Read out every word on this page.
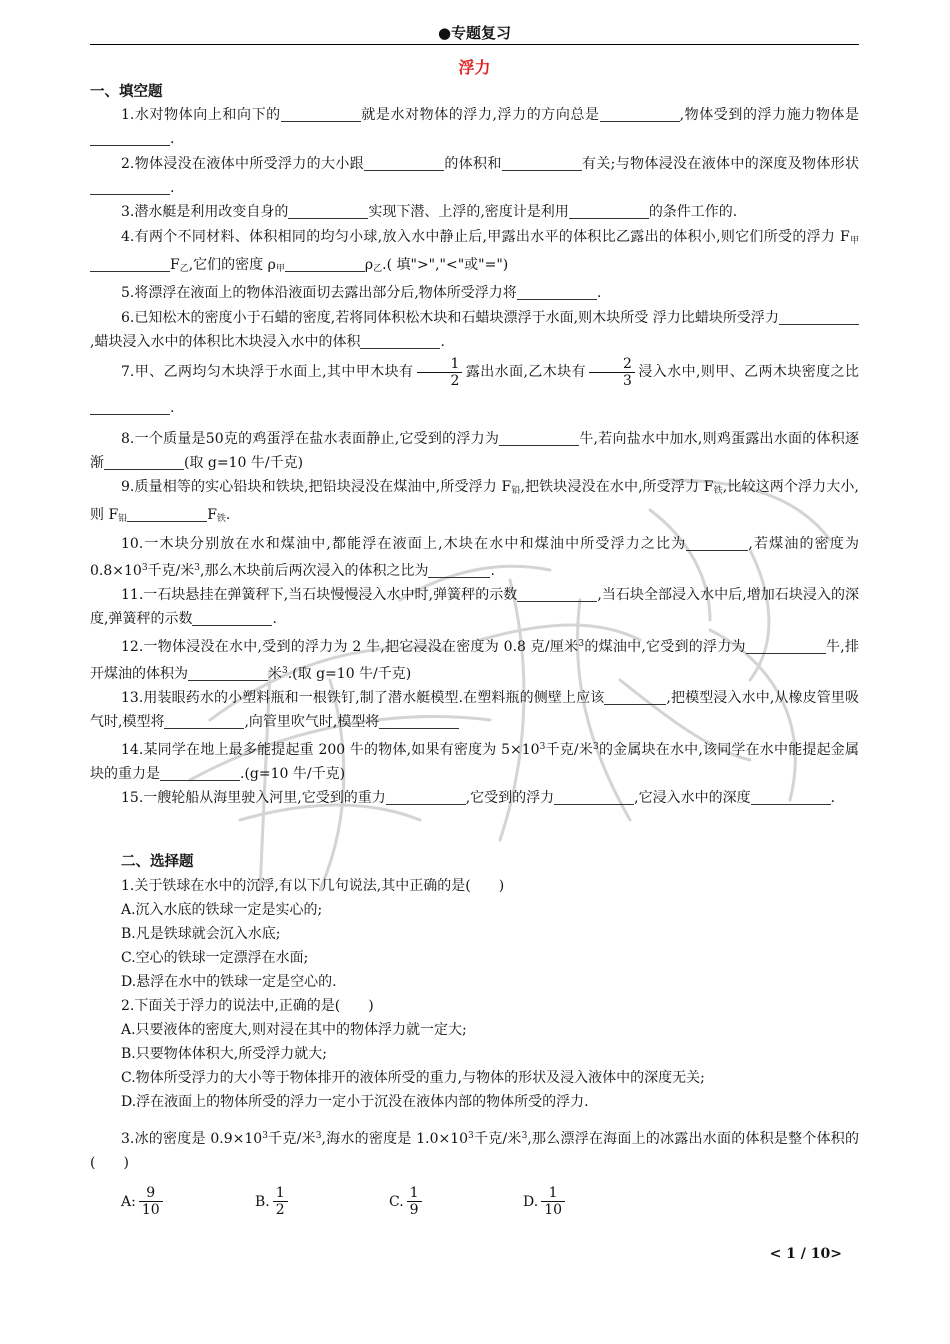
●专题复习
浮力
一、填空题

1.水对物体向上和向下的	就是水对物体的浮力,浮力的方向总是	,物体受到的浮力施力物体是.

2.物体浸没在液体中所受浮力的大小跟	的体积和	有关;与物体浸没在液体中的深度及物体形状.

3.潜水艇是利用改变自身的	实现下潜、上浮的,密度计是利用	的条件工作的.

4.有两个不同材料、体积相同的均匀小球,放入水中静止后,甲露出水平的体积比乙露出的体积小,则它们所受的浮力 $F_甲F_乙$,它们的密度 $\rho_甲$	$\rho_乙$.( 填">","<"或"=")

5.将漂浮在液面上的物体沿液面切去露出部分后,物体所受浮力将	.

6.已知松木的密度小于石蜡的密度,若将同体积松木块和石蜡块漂浮于水面,则木块所受 浮力比蜡块所受浮力,蜡块浸入水中的体积比木块浸入水中的体积	.

7.甲、乙两均匀木块浮于水面上,其中甲木块有 $\frac{1}{2}$ 露出水面,乙木块有 $\frac{2}{3}$ 浸入水中,则甲、乙两木块密度之比.

8.一个质量是50克的鸡蛋浮在盐水表面静止,它受到的浮力为	牛,若向盐水中加水,则鸡蛋露出水面的体积逐渐	(取 g=10 牛/千克)

9.质量相等的实心铅块和铁块,把铅块浸没在煤油中,所受浮力 $F_铅$,把铁块浸没在水中,所受浮力 $F_铁$,比较这两个浮力大小,则 $F_铅$	$F_铁$.

10.一木块分别放在水和煤油中,都能浮在液面上,木块在水中和煤油中所受浮力之比为	,若煤油的密度为 $0.8\times 10^3$千克/米$^3$,那么木块前后两次浸入的体积之比为	.

11.一石块悬挂在弹簧秤下,当石块慢慢浸入水中时,弹簧秤的示数	,当石块全部浸入水中后,增加石块浸入的深度,弹簧秤的示数	.

12.一物体浸没在水中,受到的浮力为 2 牛,把它浸没在密度为 0.8 克/厘米$^3$的煤油中,它受到的浮力为	牛,排开煤油的体积为	米$^3$.(取 g=10 牛/千克)

13.用装眼药水的小塑料瓶和一根铁钉,制了潜水艇模型.在塑料瓶的侧壁上应该	,把模型浸入水中,从橡皮管里吸气时,模型将	,向管里吹气时,模型将

14.某同学在地上最多能提起重 200 牛的物体,如果有密度为 $5\times 10^3$千克/米$^3$的金属块在水中,该同学在水中能提起金属块的重力是	.(g=10 牛/千克)

15.一艘轮船从海里驶入河里,它受到的重力	,它受到的浮力	,它浸入水中的深度	.

二、选择题

1.关于铁球在水中的沉浮,有以下几句说法,其中正确的是(　　)

A.沉入水底的铁球一定是实心的;

B.凡是铁球就会沉入水底;

C.空心的铁球一定漂浮在水面;

D.悬浮在水中的铁球一定是空心的.

2.下面关于浮力的说法中,正确的是(　　)

A.只要液体的密度大,则对浸在其中的物体浮力就一定大;

B.只要物体体积大,所受浮力就大;

C.物体所受浮力的大小等于物体排开的液体所受的重力,与物体的形状及浸入液体中的深度无关;

D.浮在液面上的物体所受的浮力一定小于沉没在液体内部的物体所受的浮力.

3.冰的密度是 $0.9\times 10^3$千克/米$^3$,海水的密度是 $1.0\times 10^3$千克/米$^3$,那么漂浮在海面上的冰露出水面的体积是整个体积的(　　)

A: $\frac{9}{10}$	B. $\frac{1}{2}$	C. $\frac{1}{9}$	D. $\frac{1}{10}$
< 1 / 10>
